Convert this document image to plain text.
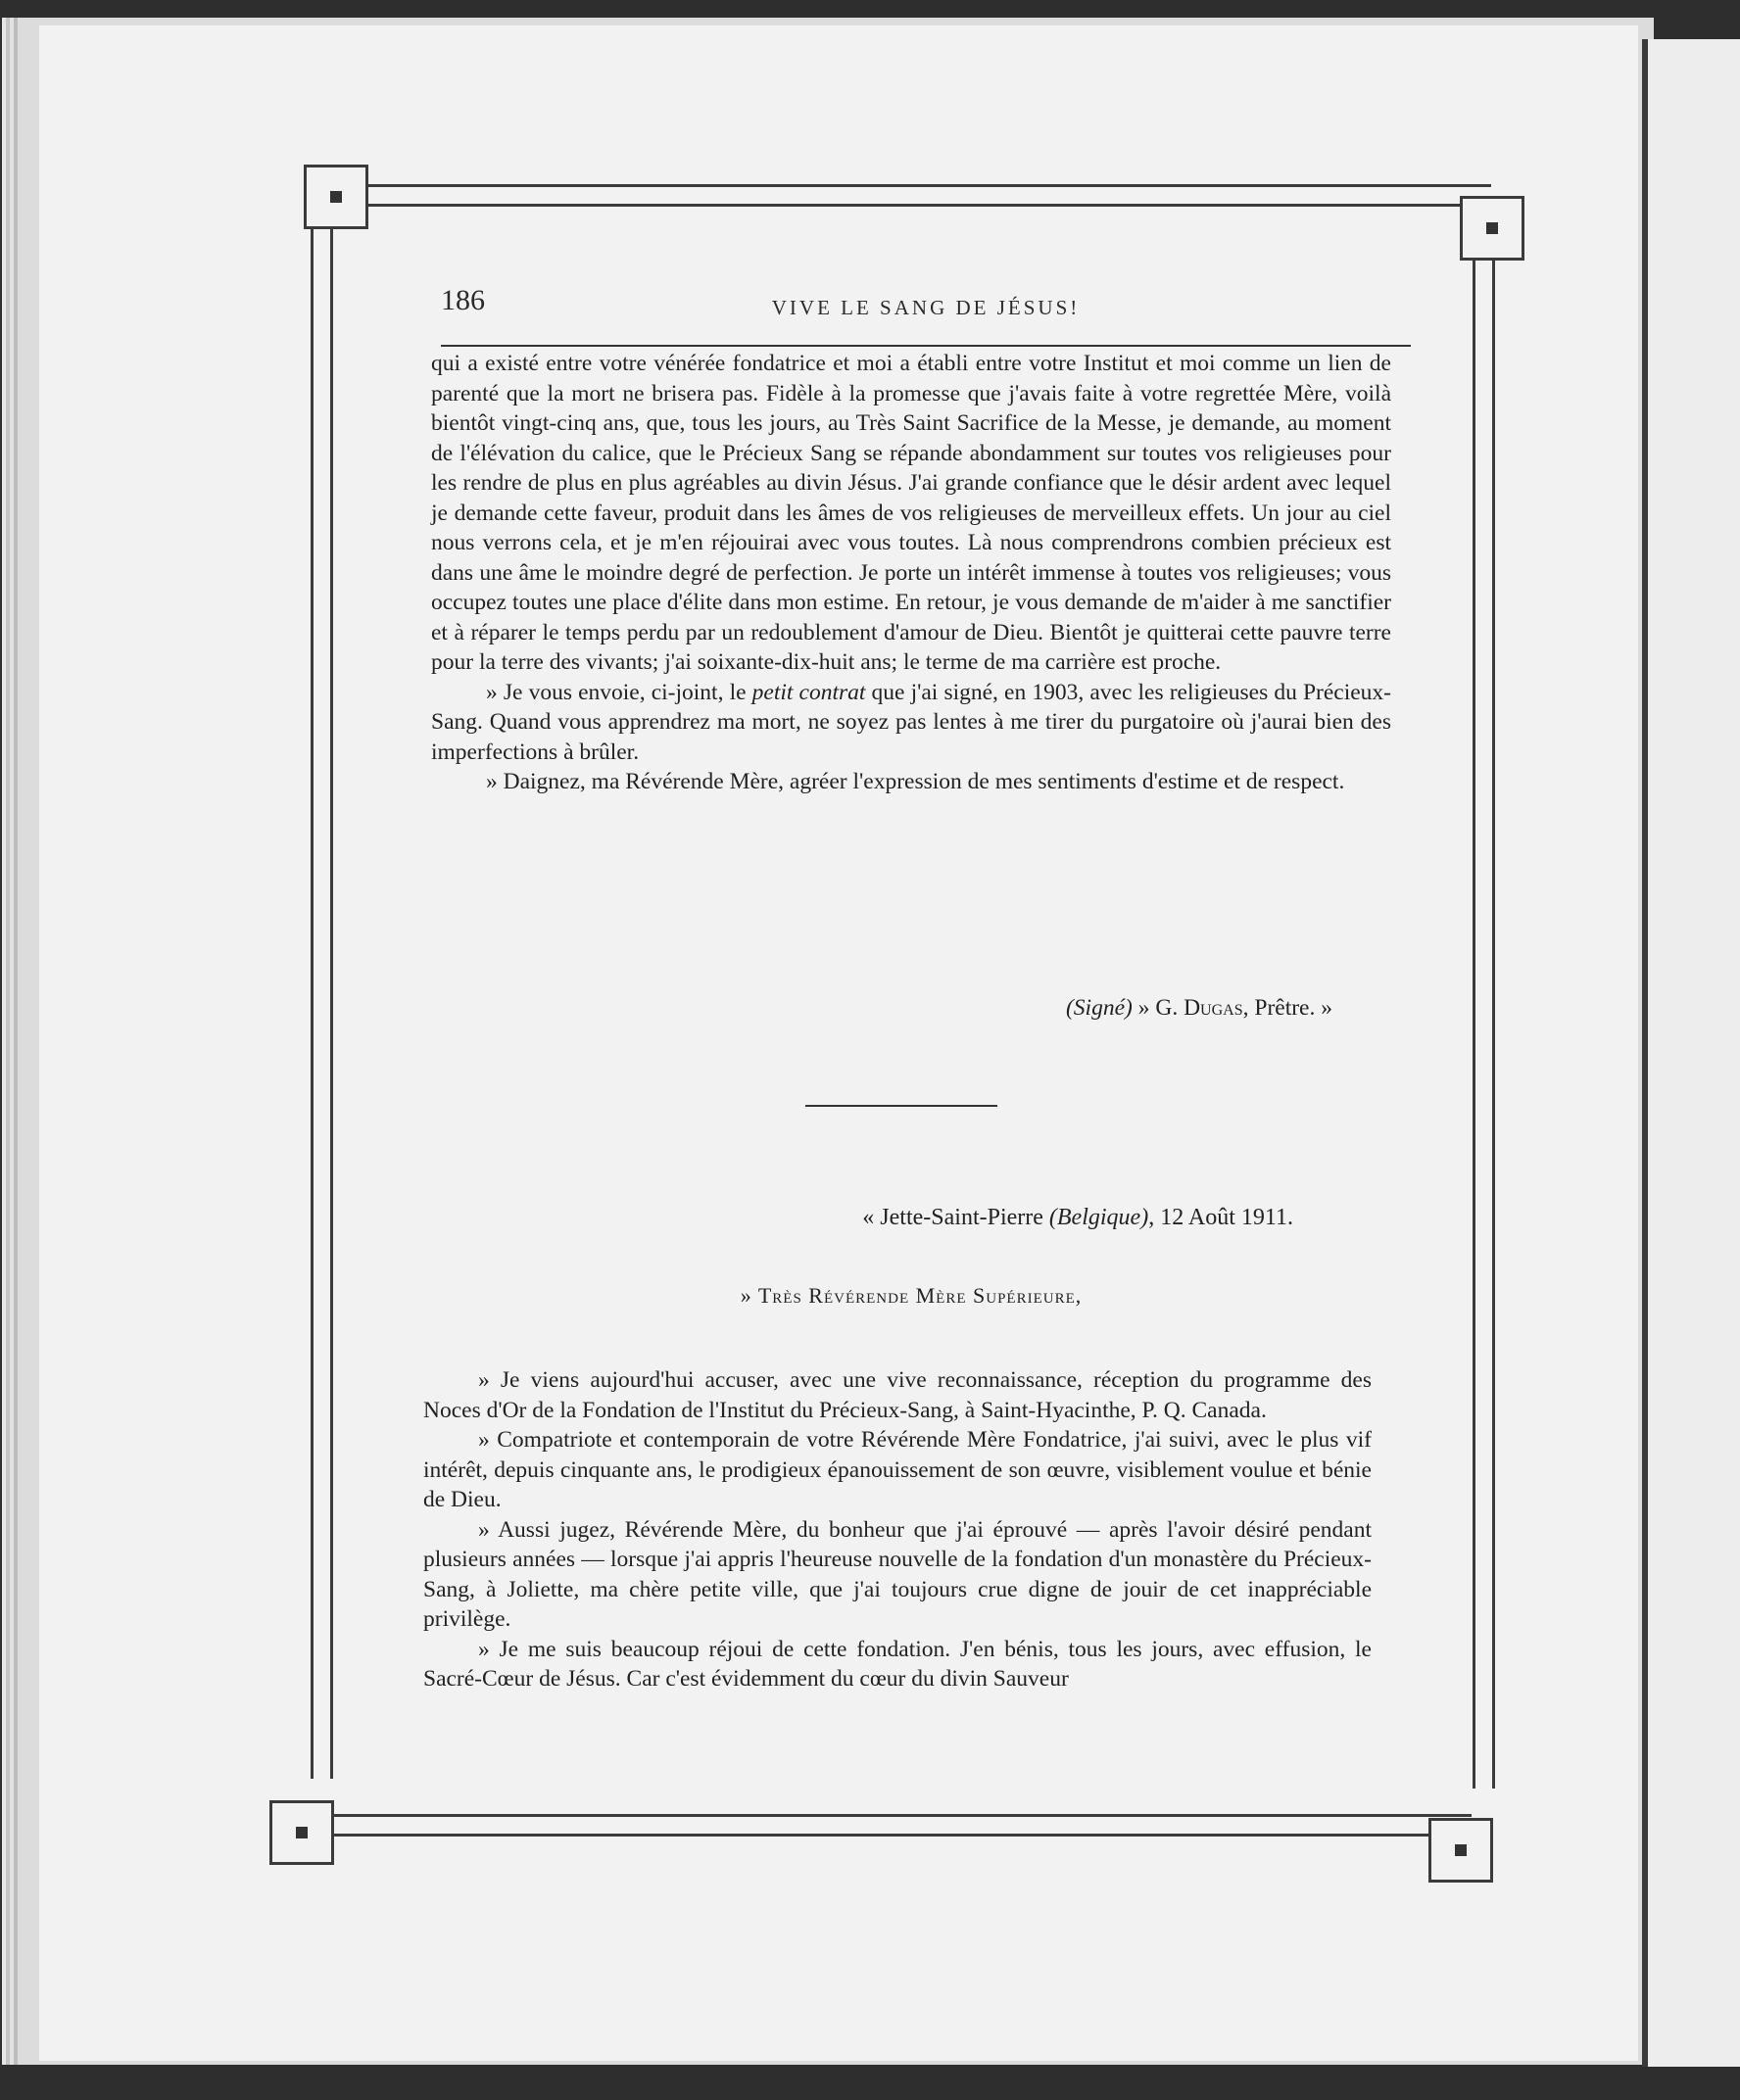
186	VIVE LE SANG DE JÉSUS!

qui a existé entre votre vénérée fondatrice et moi a établi entre votre Institut et moi comme un lien de parenté que la mort ne brisera pas. Fidèle à la promesse que j'avais faite à votre regrettée Mère, voilà bientôt vingt-cinq ans, que, tous les jours, au Très Saint Sacrifice de la Messe, je demande, au moment de l'élévation du calice, que le Précieux Sang se répande abondamment sur toutes vos religieuses pour les rendre de plus en plus agréables au divin Jésus. J'ai grande confiance que le désir ardent avec lequel je demande cette faveur, produit dans les âmes de vos religieuses de merveilleux effets. Un jour au ciel nous verrons cela, et je m'en réjouirai avec vous toutes. Là nous comprendrons combien précieux est dans une âme le moindre degré de perfection. Je porte un intérêt immense à toutes vos religieuses; vous occupez toutes une place d'élite dans mon estime. En retour, je vous demande de m'aider à me sanctifier et à réparer le temps perdu par un redoublement d'amour de Dieu. Bientôt je quitterai cette pauvre terre pour la terre des vivants; j'ai soixante-dix-huit ans; le terme de ma carrière est proche.

» Je vous envoie, ci-joint, le petit contrat que j'ai signé, en 1903, avec les religieuses du Précieux-Sang. Quand vous apprendrez ma mort, ne soyez pas lentes à me tirer du purgatoire où j'aurai bien des imperfections à brûler.

» Daignez, ma Révérende Mère, agréer l'expression de mes sentiments d'estime et de respect.

(Signé) » G. Dugas, Prêtre. »
« Jette-Saint-Pierre (Belgique), 12 Août 1911.
» Très Révérende Mère Supérieure,

» Je viens aujourd'hui accuser, avec une vive reconnaissance, réception du programme des Noces d'Or de la Fondation de l'Institut du Précieux-Sang, à Saint-Hyacinthe, P. Q. Canada.

» Compatriote et contemporain de votre Révérende Mère Fondatrice, j'ai suivi, avec le plus vif intérêt, depuis cinquante ans, le prodigieux épanouissement de son œuvre, visiblement voulue et bénie de Dieu.

» Aussi jugez, Révérende Mère, du bonheur que j'ai éprouvé — après l'avoir désiré pendant plusieurs années — lorsque j'ai appris l'heureuse nouvelle de la fondation d'un monastère du Précieux-Sang, à Joliette, ma chère petite ville, que j'ai toujours crue digne de jouir de cet inappréciable privilège.

» Je me suis beaucoup réjoui de cette fondation. J'en bénis, tous les jours, avec effusion, le Sacré-Cœur de Jésus. Car c'est évidemment du cœur du divin Sauveur
